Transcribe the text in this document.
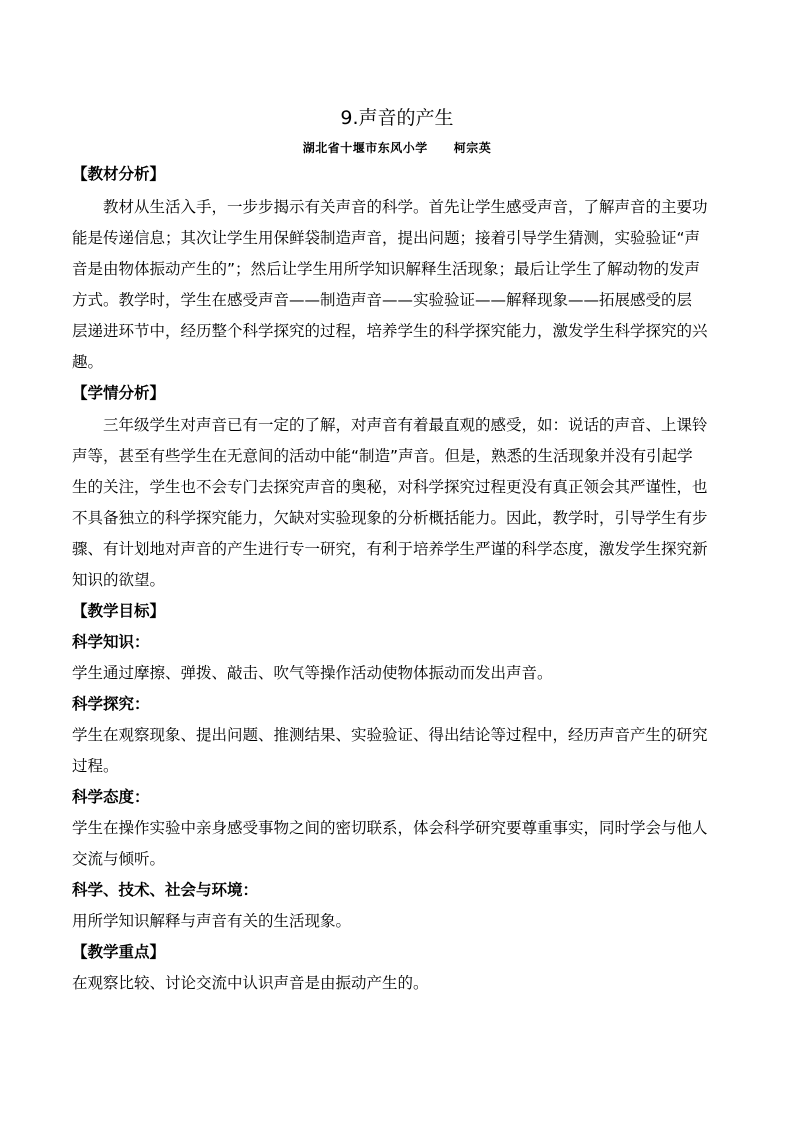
9.声音的产生
湖北省十堰市东风小学 柯宗英
【教材分析】
教材从生活入手，一步步揭示有关声音的科学。首先让学生感受声音，了解声音的主要功
能是传递信息；其次让学生用保鲜袋制造声音，提出问题；接着引导学生猜测，实验验证“声
音是由物体振动产生的”；然后让学生用所学知识解释生活现象；最后让学生了解动物的发声
方式。教学时，学生在感受声音——制造声音——实验验证——解释现象——拓展感受的层
层递进环节中，经历整个科学探究的过程，培养学生的科学探究能力，激发学生科学探究的兴
趣。
【学情分析】
三年级学生对声音已有一定的了解，对声音有着最直观的感受，如：说话的声音、上课铃
声等，甚至有些学生在无意间的活动中能“制造”声音。但是，熟悉的生活现象并没有引起学
生的关注，学生也不会专门去探究声音的奥秘，对科学探究过程更没有真正领会其严谨性，也
不具备独立的科学探究能力，欠缺对实验现象的分析概括能力。因此，教学时，引导学生有步
骤、有计划地对声音的产生进行专一研究，有利于培养学生严谨的科学态度，激发学生探究新
知识的欲望。
【教学目标】
科学知识：
学生通过摩擦、弹拨、敲击、吹气等操作活动使物体振动而发出声音。
科学探究：
学生在观察现象、提出问题、推测结果、实验验证、得出结论等过程中，经历声音产生的研究
过程。
科学态度：
学生在操作实验中亲身感受事物之间的密切联系，体会科学研究要尊重事实，同时学会与他人
交流与倾听。
科学、技术、社会与环境：
用所学知识解释与声音有关的生活现象。
【教学重点】
在观察比较、讨论交流中认识声音是由振动产生的。
